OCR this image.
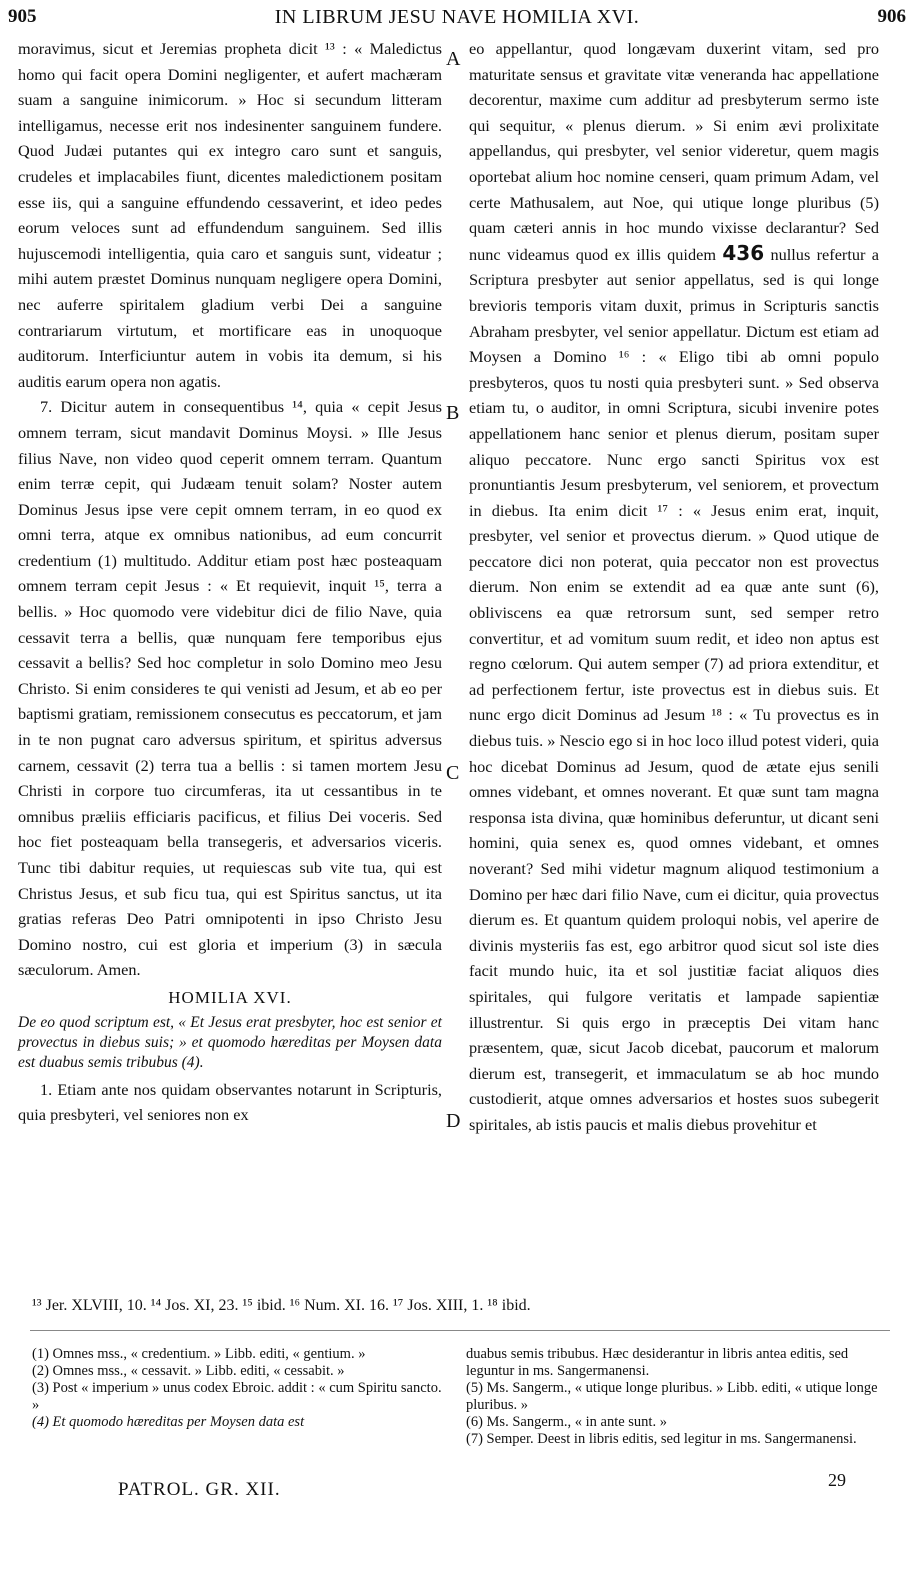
905	IN LIBRUM JESU NAVE HOMILIA XVI.	906

moravimus, sicut et Jeremias propheta dicit ¹³ : « Maledictus homo qui facit opera Domini negligenter, et aufert machæram suam a sanguine inimicorum. » Hoc si secundum litteram intelligamus, necesse erit nos indesinenter sanguinem fundere. Quod Judæi putantes qui ex integro caro sunt et sanguis, crudeles et implacabiles fiunt, dicentes maledictionem positam esse iis, qui a sanguine effundendo cessaverint, et ideo pedes eorum veloces sunt ad effundendum sanguinem. Sed illis hujuscemodi intelligentia, quia caro et sanguis sunt, videatur ; mihi autem præstet Dominus nunquam negligere opera Domini, nec auferre spiritalem gladium verbi Dei a sanguine contrariarum virtutum, et mortificare eas in unoquoque auditorum. Interficiuntur autem in vobis ita demum, si his auditis earum opera non agatis.

7. Dicitur autem in consequentibus ¹⁴, quia « cepit Jesus omnem terram, sicut mandavit Dominus Moysi. » Ille Jesus filius Nave, non video quod ceperit omnem terram. Quantum enim terræ cepit, qui Judæam tenuit solam? Noster autem Dominus Jesus ipse vere cepit omnem terram, in eo quod ex omni terra, atque ex omnibus nationibus, ad eum concurrit credentium (1) multitudo. Additur etiam post hæc posteaquam omnem terram cepit Jesus : « Et requievit, inquit ¹⁵, terra a bellis. » Hoc quomodo vere videbitur dici de filio Nave, quia cessavit terra a bellis, quæ nunquam fere temporibus ejus cessavit a bellis? Sed hoc completur in solo Domino meo Jesu Christo. Si enim consideres te qui venisti ad Jesum, et ab eo per baptismi gratiam, remissionem consecutus es peccatorum, et jam in te non pugnat caro adversus spiritum, et spiritus adversus carnem, cessavit (2) terra tua a bellis : si tamen mortem Jesu Christi in corpore tuo circumferas, ita ut cessantibus in te omnibus præliis efficiaris pacificus, et filius Dei voceris. Sed hoc fiet posteaquam bella transegeris, et adversarios viceris. Tunc tibi dabitur requies, ut requiescas sub vite tua, qui est Christus Jesus, et sub ficu tua, qui est Spiritus sanctus, ut ita gratias referas Deo Patri omnipotenti in ipso Christo Jesu Domino nostro, cui est gloria et imperium (3) in sæcula sæculorum. Amen.

HOMILIA XVI.

De eo quod scriptum est, « Et Jesus erat presbyter, hoc est senior et provectus in diebus suis; » et quomodo hæreditas per Moysen data est duabus semis tribubus (4).

1. Etiam ante nos quidam observantes notarunt in Scripturis, quia presbyteri, vel seniores non ex

eo appellantur, quod longævam duxerint vitam, sed pro maturitate sensus et gravitate vitæ veneranda hac appellatione decorentur, maxime cum additur ad presbyterum sermo iste qui sequitur, « plenus dierum. » Si enim ævi prolixitate appellandus, qui presbyter, vel senior videretur, quem magis oportebat alium hoc nomine censeri, quam primum Adam, vel certe Mathusalem, aut Noe, qui utique longe pluribus (5) quam cæteri annis in hoc mundo vixisse declarantur? Sed nunc videamus quod ex illis quidem 436 nullus refertur a Scriptura presbyter aut senior appellatus, sed is qui longe brevioris temporis vitam duxit, primus in Scripturis sanctis Abraham presbyter, vel senior appellatur. Dictum est etiam ad Moysen a Domino ¹⁶ : « Eligo tibi ab omni populo presbyteros, quos tu nosti quia presbyteri sunt. » Sed observa etiam tu, o auditor, in omni Scriptura, sicubi invenire potes appellationem hanc senior et plenus dierum, positam super aliquo peccatore. Nunc ergo sancti Spiritus vox est pronuntiantis Jesum presbyterum, vel seniorem, et provectum in diebus. Ita enim dicit ¹⁷ : « Jesus enim erat, inquit, presbyter, vel senior et provectus dierum. » Quod utique de peccatore dici non poterat, quia peccator non est provectus dierum. Non enim se extendit ad ea quæ ante sunt (6), obliviscens ea quæ retrorsum sunt, sed semper retro convertitur, et ad vomitum suum redit, et ideo non aptus est regno cœlorum. Qui autem semper (7) ad priora extenditur, et ad perfectionem fertur, iste provectus est in diebus suis. Et nunc ergo dicit Dominus ad Jesum ¹⁸ : « Tu provectus es in diebus tuis. » Nescio ego si in hoc loco illud potest videri, quia hoc dicebat Dominus ad Jesum, quod de ætate ejus senili omnes videbant, et omnes noverant. Et quæ sunt tam magna responsa ista divina, quæ hominibus deferuntur, ut dicant seni homini, quia senex es, quod omnes videbant, et omnes noverant? Sed mihi videtur magnum aliquod testimonium a Domino per hæc dari filio Nave, cum ei dicitur, quia provectus dierum es. Et quantum quidem proloqui nobis, vel aperire de divinis mysteriis fas est, ego arbitror quod sicut sol iste dies facit mundo huic, ita et sol justitiæ faciat aliquos dies spiritales, qui fulgore veritatis et lampade sapientiæ illustrentur. Si quis ergo in præceptis Dei vitam hanc præsentem, quæ, sicut Jacob dicebat, paucorum et malorum dierum est, transegerit, et immaculatum se ab hoc mundo custodierit, atque omnes adversarios et hostes suos subegerit spiritales, ab istis paucis et malis diebus provehitur et

A
B
C
D
¹³ Jer. XLVIII, 10. ¹⁴ Jos. XI, 23. ¹⁵ ibid. ¹⁶ Num. XI. 16. ¹⁷ Jos. XIII, 1. ¹⁸ ibid.

(1) Omnes mss., « credentium. » Libb. editi, « gentium. »

(2) Omnes mss., « cessavit. » Libb. editi, « cessabit. »

(3) Post « imperium » unus codex Ebroic. addit : « cum Spiritu sancto. »

(4) Et quomodo hæreditas per Moysen data est

duabus semis tribubus. Hæc desiderantur in libris antea editis, sed leguntur in ms. Sangermanensi.

(5) Ms. Sangerm., « utique longe pluribus. » Libb. editi, « utique longe pluribus. »

(6) Ms. Sangerm., « in ante sunt. »

(7) Semper. Deest in libris editis, sed legitur in ms. Sangermanensi.

PATROL. GR. XII.	29
